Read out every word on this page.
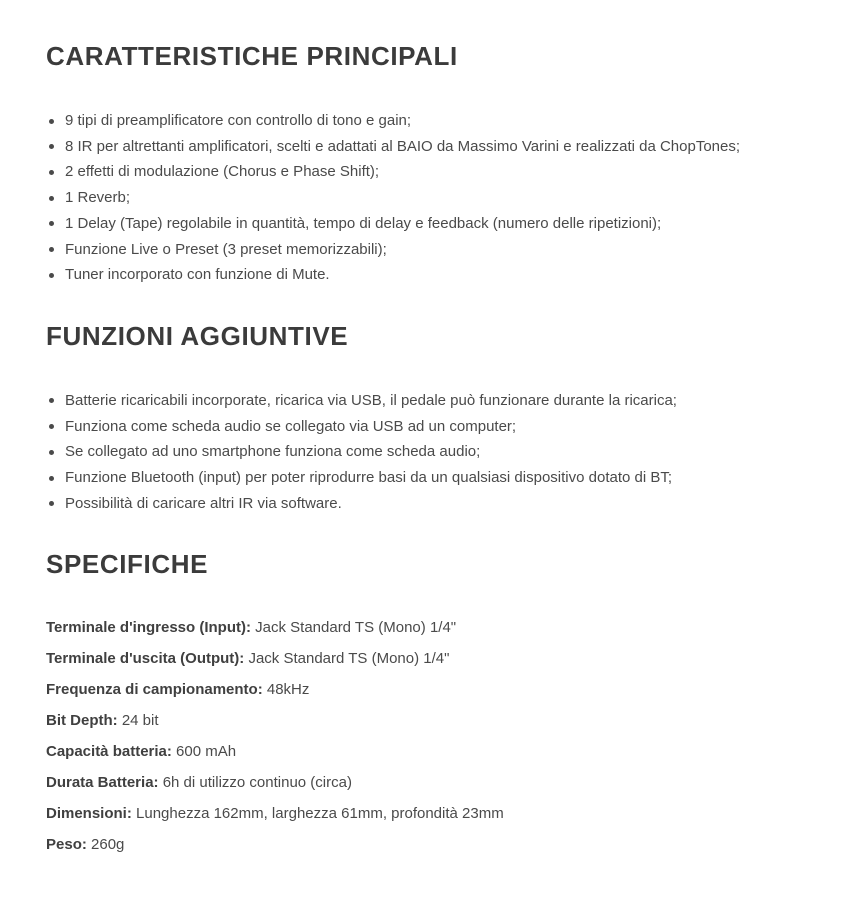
CARATTERISTICHE PRINCIPALI
9 tipi di preamplificatore con controllo di tono e gain;
8 IR per altrettanti amplificatori, scelti e adattati al BAIO da Massimo Varini e realizzati da ChopTones;
2 effetti di modulazione (Chorus e Phase Shift);
1 Reverb;
1 Delay (Tape) regolabile in quantità, tempo di delay e feedback (numero delle ripetizioni);
Funzione Live o Preset (3 preset memorizzabili);
Tuner incorporato con funzione di Mute.
FUNZIONI AGGIUNTIVE
Batterie ricaricabili incorporate, ricarica via USB, il pedale può funzionare durante la ricarica;
Funziona come scheda audio se collegato via USB ad un computer;
Se collegato ad uno smartphone funziona come scheda audio;
Funzione Bluetooth (input) per poter riprodurre basi da un qualsiasi dispositivo dotato di BT;
Possibilità di caricare altri IR via software.
SPECIFICHE

Terminale d'ingresso (Input): Jack Standard TS (Mono) 1/4"

Terminale d'uscita (Output): Jack Standard TS (Mono) 1/4"

Frequenza di campionamento: 48kHz

Bit Depth: 24 bit

Capacità batteria: 600 mAh

Durata Batteria: 6h di utilizzo continuo (circa)

Dimensioni: Lunghezza 162mm, larghezza 61mm, profondità 23mm

Peso: 260g
